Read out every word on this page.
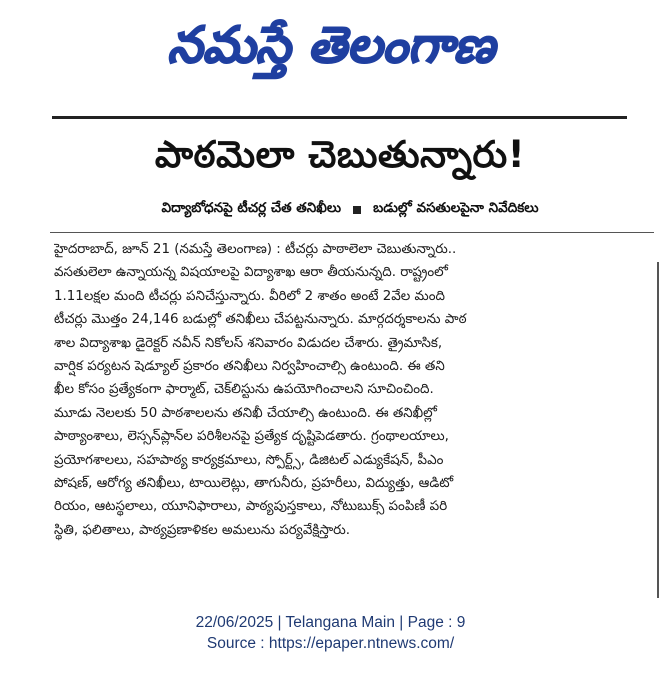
నమస్తే తెలంగాణ
పాఠమెలా చెబుతున్నారు!
విద్యాబోధనపై టీచర్ల చేత తనిఖీలు బడుల్లో వసతులపైనా నివేదికలు
హైదరాబాద్, జూన్ 21 (నమస్తే తెలంగాణ) : టీచర్లు పాఠాలెలా చెబుతున్నారు..
వసతులెలా ఉన్నాయన్న విషయాలపై విద్యాశాఖ ఆరా తీయనున్నది. రాష్ట్రంలో
1.11లక్షల మంది టీచర్లు పనిచేస్తున్నారు. వీరిలో 2 శాతం అంటే 2వేల మంది
టీచర్లు మొత్తం 24,146 బడుల్లో తనిఖీలు చేపట్టనున్నారు. మార్గదర్శకాలను పాఠ
శాల విద్యాశాఖ డైరెక్టర్ నవీన్ నికోలస్ శనివారం విడుదల చేశారు. త్రైమాసిక,
వార్షిక పర్యటన షెడ్యూల్ ప్రకారం తనిఖీలు నిర్వహించాల్సి ఉంటుంది. ఈ తని
ఖీల కోసం ప్రత్యేకంగా ఫార్మాట్, చెక్‌లిస్టును ఉపయోగించాలని సూచించింది.
మూడు నెలలకు 50 పాఠశాలలను తనిఖీ చేయాల్సి ఉంటుంది. ఈ తనిఖీల్లో
పాఠ్యాంశాలు, లెస్సన్‌ప్లాన్‌ల పరిశీలనపై ప్రత్యేక దృష్టిపెడతారు. గ్రంథాలయాలు,
ప్రయోగశాలలు, సహపాఠ్య కార్యక్రమాలు, స్పోర్ట్స్, డిజిటల్ ఎడ్యుకేషన్, పీఎం
పోషణ్, ఆరోగ్య తనిఖీలు, టాయిలెట్లు, తాగునీరు, ప్రహరీలు, విద్యుత్తు, ఆడిటో
రియం, ఆటస్థలాలు, యూనిఫారాలు, పాఠ్యపుస్తకాలు, నోటుబుక్స్ పంపిణీ పరి
స్థితి, ఫలితాలు, పాఠ్యప్రణాళికల అమలును పర్యవేక్షిస్తారు.
22/06/2025 | Telangana Main | Page : 9
Source : https://epaper.ntnews.com/
